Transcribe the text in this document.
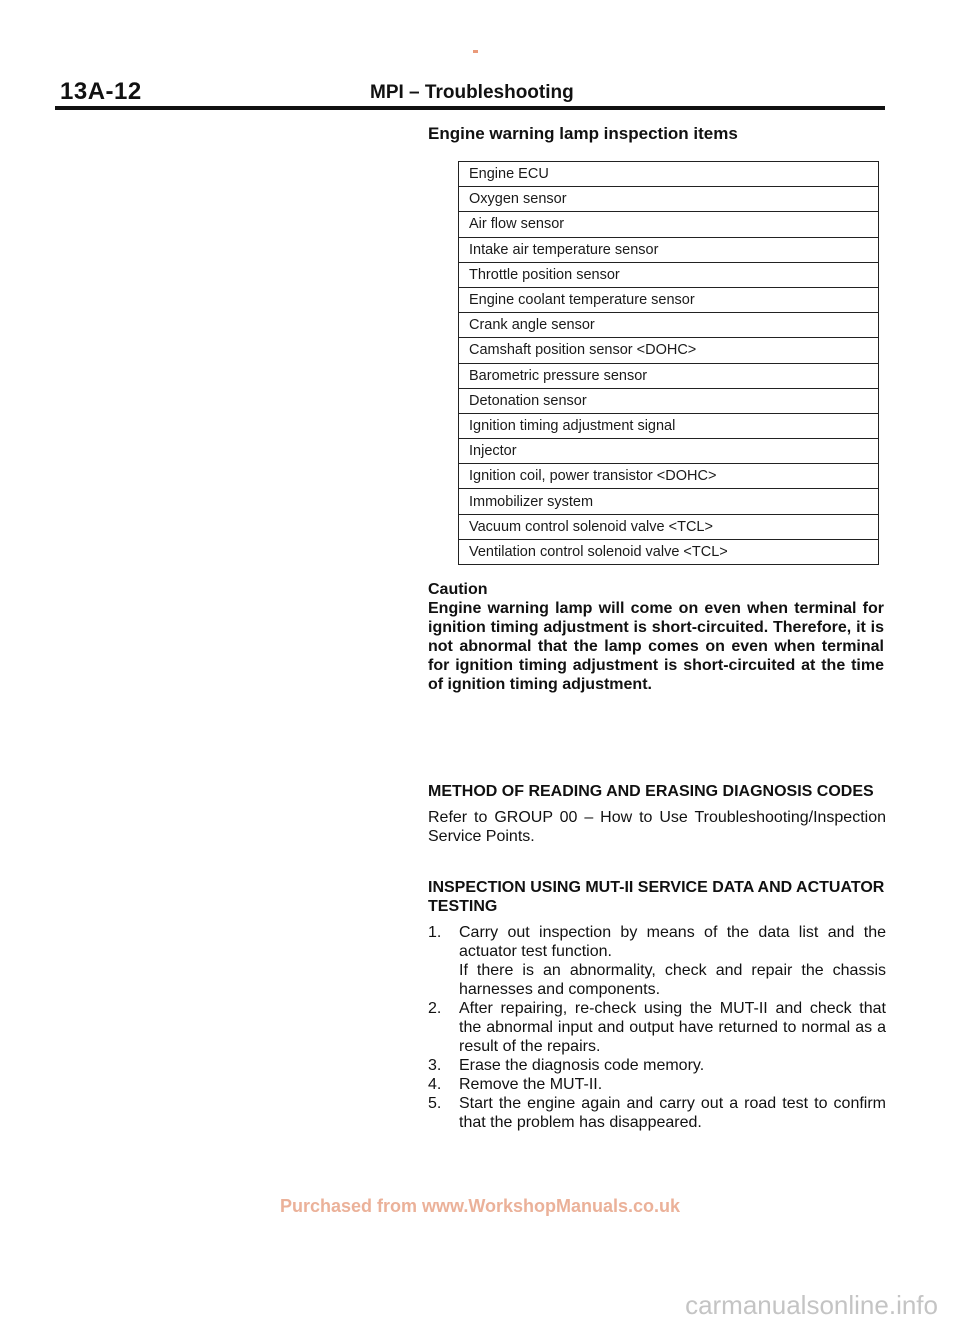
13A-12	MPI – Troubleshooting
Engine warning lamp inspection items
Engine ECU
Oxygen sensor
Air flow sensor
Intake air temperature sensor
Throttle position sensor
Engine coolant temperature sensor
Crank angle sensor
Camshaft position sensor <DOHC>
Barometric pressure sensor
Detonation sensor
Ignition timing adjustment signal
Injector
Ignition coil, power transistor <DOHC>
Immobilizer system
Vacuum control solenoid valve <TCL>
Ventilation control solenoid valve <TCL>
Caution
Engine warning lamp will come on even when terminal for ignition timing adjustment is short-circuited. Therefore, it is not abnormal that the lamp comes on even when terminal for ignition timing adjustment is short-circuited at the time of ignition timing adjustment.
METHOD OF READING AND ERASING DIAGNOSIS CODES
Refer to GROUP 00 – How to Use Troubleshooting/Inspection Service Points.
INSPECTION USING MUT-II SERVICE DATA AND ACTUATOR TESTING
1.	Carry out inspection by means of the data list and the actuator test function.
If there is an abnormality, check and repair the chassis harnesses and components.
2.	After repairing, re-check using the MUT-II and check that the abnormal input and output have returned to normal as a result of the repairs.
3.	Erase the diagnosis code memory.
4.	Remove the MUT-II.
5.	Start the engine again and carry out a road test to confirm that the problem has disappeared.

Purchased from www.WorkshopManuals.co.uk

carmanualsonline.info
